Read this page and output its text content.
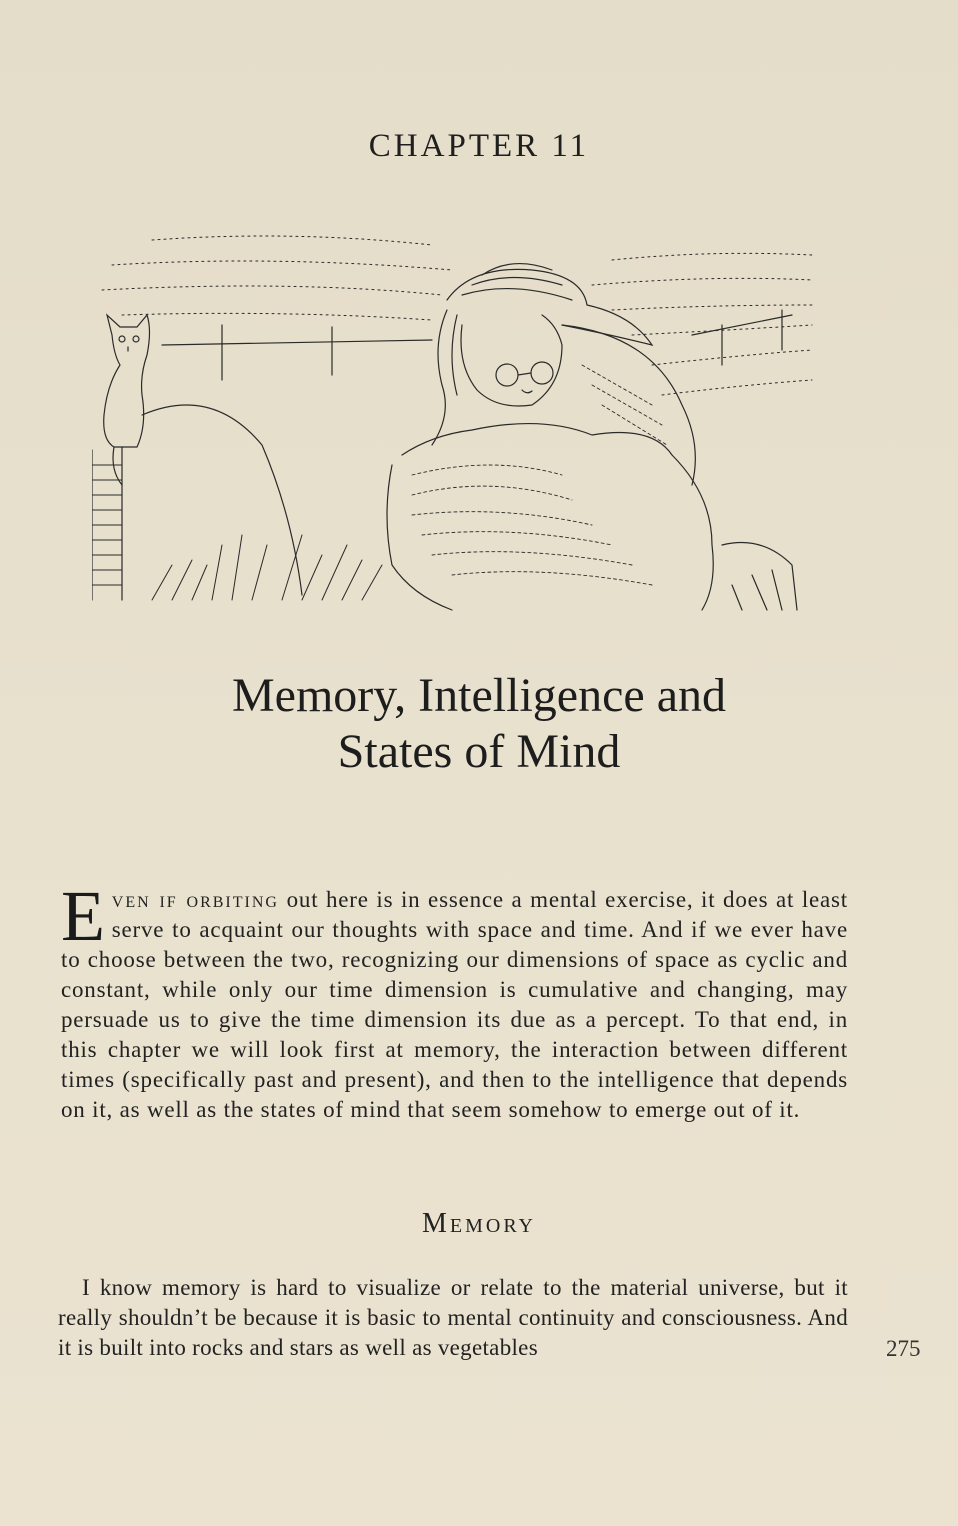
CHAPTER 11
Memory, Intelligence and
States of Mind

Even if orbiting out here is in essence a mental exercise, it does at least serve to acquaint our thoughts with space and time. And if we ever have to choose between the two, recognizing our dimensions of space as cyclic and constant, while only our time dimension is cumulative and changing, may persuade us to give the time dimension its due as a percept. To that end, in this chapter we will look first at memory, the interaction between different times (specifically past and present), and then to the intelligence that depends on it, as well as the states of mind that seem somehow to emerge out of it.

Memory

I know memory is hard to visualize or relate to the material universe, but it really shouldn’t be because it is basic to mental continuity and consciousness. And it is built into rocks and stars as well as vegetables	275
